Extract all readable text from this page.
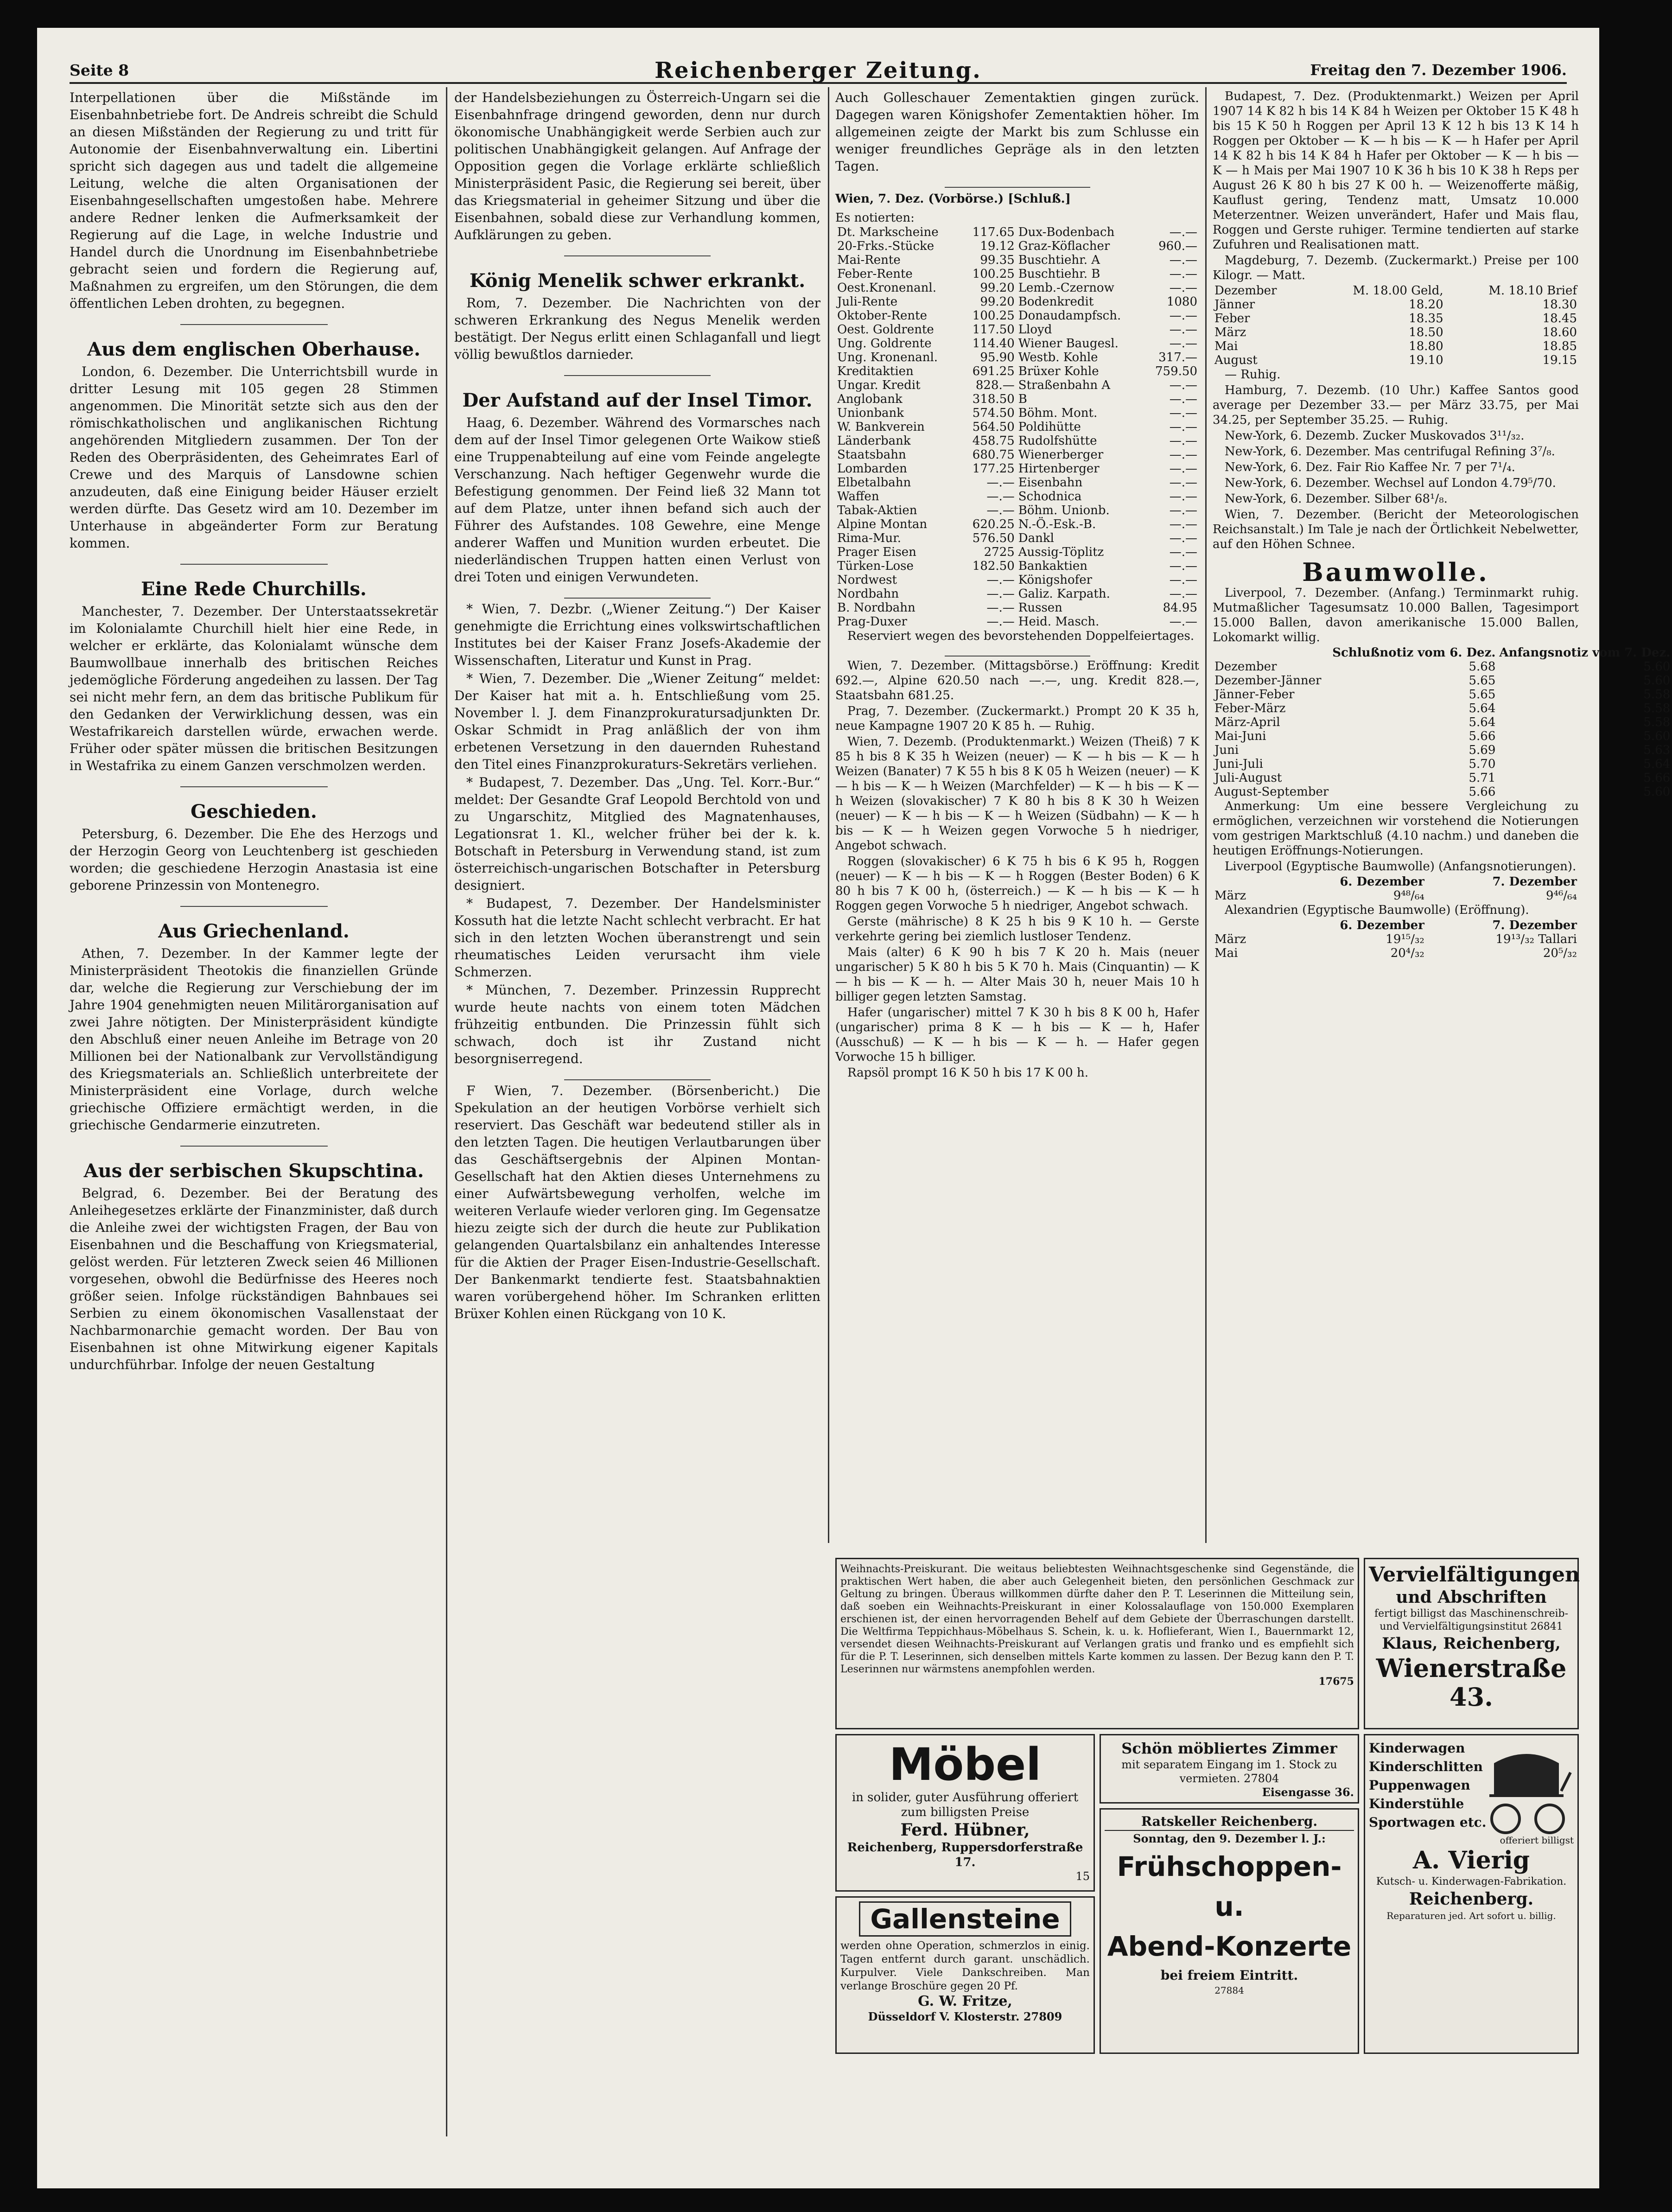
Seite 8	Reichenberger Zeitung.	Freitag den 7. Dezember 1906.

Interpellationen über die Mißstände im Eisenbahnbetriebe fort. De Andreis schreibt die Schuld an diesen Mißständen der Regierung zu und tritt für Autonomie der Eisenbahnverwaltung ein. Libertini spricht sich dagegen aus und tadelt die allgemeine Leitung, welche die alten Organisationen der Eisenbahngesellschaften umgestoßen habe. Mehrere andere Redner lenken die Aufmerksamkeit der Regierung auf die Lage, in welche Industrie und Handel durch die Unordnung im Eisenbahnbetriebe gebracht seien und fordern die Regierung auf, Maßnahmen zu ergreifen, um den Störungen, die dem öffentlichen Leben drohten, zu begegnen.

Aus dem englischen Oberhause.

London, 6. Dezember. Die Unterrichtsbill wurde in dritter Lesung mit 105 gegen 28 Stimmen angenommen. Die Minorität setzte sich aus den der römischkatholischen und anglikanischen Richtung angehörenden Mitgliedern zusammen. Der Ton der Reden des Oberpräsidenten, des Geheimrates Earl of Crewe und des Marquis of Lansdowne schien anzudeuten, daß eine Einigung beider Häuser erzielt werden dürfte. Das Gesetz wird am 10. Dezember im Unterhause in abgeänderter Form zur Beratung kommen.

Eine Rede Churchills.

Manchester, 7. Dezember. Der Unterstaatssekretär im Kolonialamte Churchill hielt hier eine Rede, in welcher er erklärte, das Kolonialamt wünsche dem Baumwollbaue innerhalb des britischen Reiches jedemögliche Förderung angedeihen zu lassen. Der Tag sei nicht mehr fern, an dem das britische Publikum für den Gedanken der Verwirklichung dessen, was ein Westafrikareich darstellen würde, erwachen werde. Früher oder später müssen die britischen Besitzungen in Westafrika zu einem Ganzen verschmolzen werden.

Geschieden.

Petersburg, 6. Dezember. Die Ehe des Herzogs und der Herzogin Georg von Leuchtenberg ist geschieden worden; die geschiedene Herzogin Anastasia ist eine geborene Prinzessin von Montenegro.

Aus Griechenland.

Athen, 7. Dezember. In der Kammer legte der Ministerpräsident Theotokis die finanziellen Gründe dar, welche die Regierung zur Verschiebung der im Jahre 1904 genehmigten neuen Militärorganisation auf zwei Jahre nötigten. Der Ministerpräsident kündigte den Abschluß einer neuen Anleihe im Betrage von 20 Millionen bei der Nationalbank zur Vervollständigung des Kriegsmaterials an. Schließlich unterbreitete der Ministerpräsident eine Vorlage, durch welche griechische Offiziere ermächtigt werden, in die griechische Gendarmerie einzutreten.

Aus der serbischen Skupschtina.

Belgrad, 6. Dezember. Bei der Beratung des Anleihegesetzes erklärte der Finanzminister, daß durch die Anleihe zwei der wichtigsten Fragen, der Bau von Eisenbahnen und die Beschaffung von Kriegsmaterial, gelöst werden. Für letzteren Zweck seien 46 Millionen vorgesehen, obwohl die Bedürfnisse des Heeres noch größer seien. Infolge rückständigen Bahnbaues sei Serbien zu einem ökonomischen Vasallenstaat der Nachbarmonarchie gemacht worden. Der Bau von Eisenbahnen ist ohne Mitwirkung eigener Kapitals undurchführbar. Infolge der neuen Gestaltung

der Handelsbeziehungen zu Österreich-Ungarn sei die Eisenbahnfrage dringend geworden, denn nur durch ökonomische Unabhängigkeit werde Serbien auch zur politischen Unabhängigkeit gelangen. Auf Anfrage der Opposition gegen die Vorlage erklärte schließlich Ministerpräsident Pasic, die Regierung sei bereit, über das Kriegsmaterial in geheimer Sitzung und über die Eisenbahnen, sobald diese zur Verhandlung kommen, Aufklärungen zu geben.

König Menelik schwer erkrankt.

Rom, 7. Dezember. Die Nachrichten von der schweren Erkrankung des Negus Menelik werden bestätigt. Der Negus erlitt einen Schlaganfall und liegt völlig bewußtlos darnieder.

Der Aufstand auf der Insel Timor.

Haag, 6. Dezember. Während des Vormarsches nach dem auf der Insel Timor gelegenen Orte Waikow stieß eine Truppenabteilung auf eine vom Feinde angelegte Verschanzung. Nach heftiger Gegenwehr wurde die Befestigung genommen. Der Feind ließ 32 Mann tot auf dem Platze, unter ihnen befand sich auch der Führer des Aufstandes. 108 Gewehre, eine Menge anderer Waffen und Munition wurden erbeutet. Die niederländischen Truppen hatten einen Verlust von drei Toten und einigen Verwundeten.

* Wien, 7. Dezbr. („Wiener Zeitung.“) Der Kaiser genehmigte die Errichtung eines volkswirtschaftlichen Institutes bei der Kaiser Franz Josefs-Akademie der Wissenschaften, Literatur und Kunst in Prag.

* Wien, 7. Dezember. Die „Wiener Zeitung“ meldet: Der Kaiser hat mit a. h. Entschließung vom 25. November l. J. dem Finanzprokuratursadjunkten Dr. Oskar Schmidt in Prag anläßlich der von ihm erbetenen Versetzung in den dauernden Ruhestand den Titel eines Finanzprokuraturs-Sekretärs verliehen.

* Budapest, 7. Dezember. Das „Ung. Tel. Korr.-Bur.“ meldet: Der Gesandte Graf Leopold Berchtold von und zu Ungarschitz, Mitglied des Magnatenhauses, Legationsrat 1. Kl., welcher früher bei der k. k. Botschaft in Petersburg in Verwendung stand, ist zum österreichisch-ungarischen Botschafter in Petersburg designiert.

* Budapest, 7. Dezember. Der Handelsminister Kossuth hat die letzte Nacht schlecht verbracht. Er hat sich in den letzten Wochen überanstrengt und sein rheumatisches Leiden verursacht ihm viele Schmerzen.

* München, 7. Dezember. Prinzessin Rupprecht wurde heute nachts von einem toten Mädchen frühzeitig entbunden. Die Prinzessin fühlt sich schwach, doch ist ihr Zustand nicht besorgniserregend.

F Wien, 7. Dezember. (Börsenbericht.) Die Spekulation an der heutigen Vorbörse verhielt sich reserviert. Das Geschäft war bedeutend stiller als in den letzten Tagen. Die heutigen Verlautbarungen über das Geschäftsergebnis der Alpinen Montan-Gesellschaft hat den Aktien dieses Unternehmens zu einer Aufwärtsbewegung verholfen, welche im weiteren Verlaufe wieder verloren ging. Im Gegensatze hiezu zeigte sich der durch die heute zur Publikation gelangenden Quartalsbilanz ein anhaltendes Interesse für die Aktien der Prager Eisen-Industrie-Gesellschaft. Der Bankenmarkt tendierte fest. Staatsbahnaktien waren vorübergehend höher. Im Schranken erlitten Brüxer Kohlen einen Rückgang von 10 K.

Auch Golleschauer Zementaktien gingen zurück. Dagegen waren Königshofer Zementaktien höher. Im allgemeinen zeigte der Markt bis zum Schlusse ein weniger freundliches Gepräge als in den letzten Tagen.

Wien, 7. Dez. (Vorbörse.) [Schluß.]
Es notierten:
Dt. Markscheine	117.65	Dux-Bodenbach	—.—
20-Frks.-Stücke	19.12	Graz-Köflacher	960.—
Mai-Rente	99.35	Buschtiehr. A	—.—
Feber-Rente	100.25	Buschtiehr. B	—.—
Oest.Kronenanl.	99.20	Lemb.-Czernow	—.—
Juli-Rente	99.20	Bodenkredit	1080
Oktober-Rente	100.25	Donaudampfsch.	—.—
Oest. Goldrente	117.50	Lloyd	—.—
Ung. Goldrente	114.40	Wiener Baugesl.	—.—
Ung. Kronenanl.	95.90	Westb. Kohle	317.—
Kreditaktien	691.25	Brüxer Kohle	759.50
Ungar. Kredit	828.—	Straßenbahn A	—.—
Anglobank	318.50	B	—.—
Unionbank	574.50	Böhm. Mont.	—.—
W. Bankverein	564.50	Poldihütte	—.—
Länderbank	458.75	Rudolfshütte	—.—
Staatsbahn	680.75	Wienerberger	—.—
Lombarden	177.25	Hirtenberger	—.—
Elbetalbahn	—.—	Eisenbahn	—.—
Waffen	—.—	Schodnica	—.—
Tabak-Aktien	—.—	Böhm. Unionb.	—.—
Alpine Montan	620.25	N.-Ö.-Esk.-B.	—.—
Rima-Mur.	576.50	Dankl	—.—
Prager Eisen	2725	Aussig-Töplitz	—.—
Türken-Lose	182.50	Bankaktien	—.—
Nordwest	—.—	Königshofer	—.—
Nordbahn	—.—	Galiz. Karpath.	—.—
B. Nordbahn	—.—	Russen	84.95
Prag-Duxer	—.—	Heid. Masch.	—.—

Reserviert wegen des bevorstehenden Doppelfeiertages.

Wien, 7. Dezember. (Mittagsbörse.) Eröffnung: Kredit 692.—, Alpine 620.50 nach —.—, ung. Kredit 828.—, Staatsbahn 681.25.

Prag, 7. Dezember. (Zuckermarkt.) Prompt 20 K 35 h, neue Kampagne 1907 20 K 85 h. — Ruhig.

Wien, 7. Dezemb. (Produktenmarkt.) Weizen (Theiß) 7 K 85 h bis 8 K 35 h Weizen (neuer) — K — h bis — K — h Weizen (Banater) 7 K 55 h bis 8 K 05 h Weizen (neuer) — K — h bis — K — h Weizen (Marchfelder) — K — h bis — K — h Weizen (slovakischer) 7 K 80 h bis 8 K 30 h Weizen (neuer) — K — h bis — K — h Weizen (Südbahn) — K — h bis — K — h Weizen gegen Vorwoche 5 h niedriger, Angebot schwach.

Roggen (slovakischer) 6 K 75 h bis 6 K 95 h, Roggen (neuer) — K — h bis — K — h Roggen (Bester Boden) 6 K 80 h bis 7 K 00 h, (österreich.) — K — h bis — K — h Roggen gegen Vorwoche 5 h niedriger, Angebot schwach.

Gerste (mährische) 8 K 25 h bis 9 K 10 h. — Gerste verkehrte gering bei ziemlich lustloser Tendenz.

Mais (alter) 6 K 90 h bis 7 K 20 h. Mais (neuer ungarischer) 5 K 80 h bis 5 K 70 h. Mais (Cinquantin) — K — h bis — K — h. — Alter Mais 30 h, neuer Mais 10 h billiger gegen letzten Samstag.

Hafer (ungarischer) mittel 7 K 30 h bis 8 K 00 h, Hafer (ungarischer) prima 8 K — h bis — K — h, Hafer (Ausschuß) — K — h bis — K — h. — Hafer gegen Vorwoche 15 h billiger.

Rapsöl prompt 16 K 50 h bis 17 K 00 h.

Budapest, 7. Dez. (Produktenmarkt.) Weizen per April 1907 14 K 82 h bis 14 K 84 h Weizen per Oktober 15 K 48 h bis 15 K 50 h Roggen per April 13 K 12 h bis 13 K 14 h Roggen per Oktober — K — h bis — K — h Hafer per April 14 K 82 h bis 14 K 84 h Hafer per Oktober — K — h bis — K — h Mais per Mai 1907 10 K 36 h bis 10 K 38 h Reps per August 26 K 80 h bis 27 K 00 h. — Weizenofferte mäßig, Kauflust gering, Tendenz matt, Umsatz 10.000 Meterzentner. Weizen unverändert, Hafer und Mais flau, Roggen und Gerste ruhiger. Termine tendierten auf starke Zufuhren und Realisationen matt.

Magdeburg, 7. Dezemb. (Zuckermarkt.) Preise per 100 Kilogr. — Matt.

Dezember	M. 18.00 Geld,	M. 18.10 Brief
Jänner	18.20	18.30
Feber	18.35	18.45
März	18.50	18.60
Mai	18.80	18.85
August	19.10	19.15

— Ruhig.

Hamburg, 7. Dezemb. (10 Uhr.) Kaffee Santos good average per Dezember 33.— per März 33.75, per Mai 34.25, per September 35.25. — Ruhig.

New-York, 6. Dezemb. Zucker Muskovados 3¹¹/₃₂.

New-York, 6. Dezember. Mas centrifugal Refining 3⁷/₈.

New-York, 6. Dez. Fair Rio Kaffee Nr. 7 per 7¹/₄.

New-York, 6. Dezember. Wechsel auf London 4.79⁵/70.

New-York, 6. Dezember. Silber 68¹/₈.

Wien, 7. Dezember. (Bericht der Meteorologischen Reichsanstalt.) Im Tale je nach der Örtlichkeit Nebelwetter, auf den Höhen Schnee.

Baumwolle.

Liverpool, 7. Dezember. (Anfang.) Terminmarkt ruhig. Mutmaßlicher Tagesumsatz 10.000 Ballen, Tagesimport 15.000 Ballen, davon amerikanische 15.000 Ballen, Lokomarkt willig.

	Schlußnotiz vom 6. Dez.	Anfangsnotiz vom 7. Dez.
Dezember	5.68	5.60
Dezember-Jänner	5.65	5.60
Jänner-Feber	5.65	5.58
Feber-März	5.64	5.58
März-April	5.64	5.58
Mai-Juni	5.66	5.60
Juni	5.69	5.63
Juni-Juli	5.70	5.64
Juli-August	5.71	5.66
August-September	5.66	5.60

Anmerkung: Um eine bessere Vergleichung zu ermöglichen, verzeichnen wir vorstehend die Notierungen vom gestrigen Marktschluß (4.10 nachm.) und daneben die heutigen Eröffnungs-Notierungen.

Liverpool (Egyptische Baumwolle) (Anfangsnotierungen).

	6. Dezember	7. Dezember
März	9⁴⁸/₆₄	9⁴⁶/₆₄

Alexandrien (Egyptische Baumwolle) (Eröffnung).

	6. Dezember	7. Dezember
März	19¹⁵/₃₂	19¹³/₃₂ Tallari
Mai	20⁴/₃₂	20⁵/₃₂
Weihnachts-Preiskurant. Die weitaus beliebtesten Weihnachtsgeschenke sind Gegenstände, die praktischen Wert haben, die aber auch Gelegenheit bieten, den persönlichen Geschmack zur Geltung zu bringen. Überaus willkommen dürfte daher den P. T. Leserinnen die Mitteilung sein, daß soeben ein Weihnachts-Preiskurant in einer Kolossalauflage von 150.000 Exemplaren erschienen ist, der einen hervorragenden Behelf auf dem Gebiete der Überraschungen darstellt. Die Weltfirma Teppichhaus-Möbelhaus S. Schein, k. u. k. Hoflieferant, Wien I., Bauernmarkt 12, versendet diesen Weihnachts-Preiskurant auf Verlangen gratis und franko und es empfiehlt sich für die P. T. Leserinnen, sich denselben mittels Karte kommen zu lassen. Der Bezug kann den P. T. Leserinnen nur wärmstens anempfohlen werden.
17675
Vervielfältigungen
und Abschriften
fertigt billigst das Maschinenschreib- und Vervielfältigungsinstitut 26841
Klaus, Reichenberg,
Wienerstraße 43.
Möbel
in solider, guter Ausführung offeriert zum billigsten Preise
Ferd. Hübner,
Reichenberg, Ruppersdorferstraße 17.
15
Schön möbliertes Zimmer
mit separatem Eingang im 1. Stock zu vermieten. 27804
Eisengasse 36.
Gallensteine
werden ohne Operation, schmerzlos in einig. Tagen entfernt durch garant. unschädlich. Kurpulver. Viele Dankschreiben. Man verlange Broschüre gegen 20 Pf.
G. W. Fritze,
Düsseldorf V. Klosterstr. 27809
Ratskeller Reichenberg.
Sonntag, den 9. Dezember l. J.:
Frühschoppen- u.
Abend-Konzerte
bei freiem Eintritt.
27884
Kinderwagen
Kinderschlitten
Puppenwagen
Kinderstühle
Sportwagen etc.
offeriert billigst
A. Vierig
Kutsch- u. Kinderwagen-Fabrikation.
Reichenberg.
Reparaturen jed. Art sofort u. billig.
